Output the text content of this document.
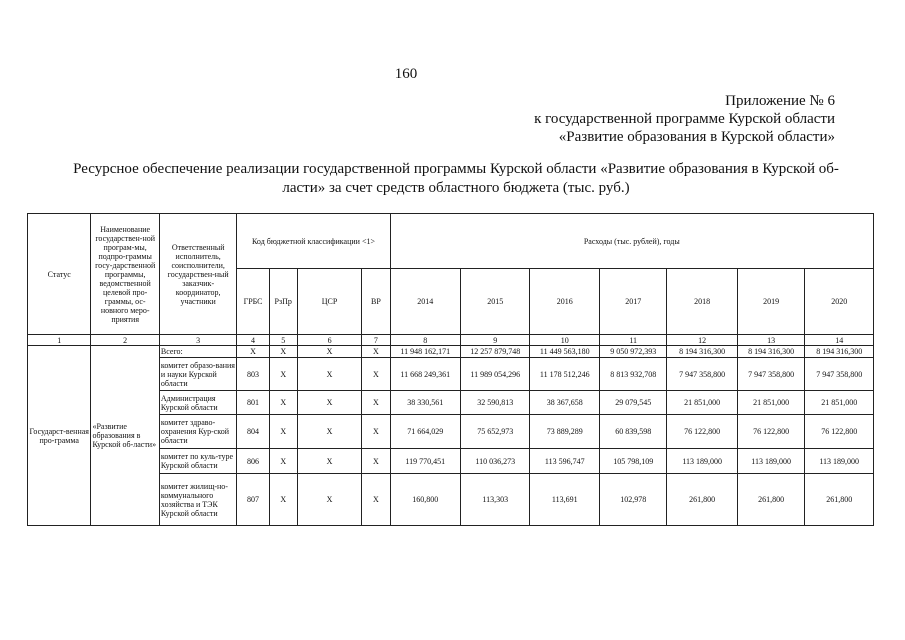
160
Приложение № 6
к государственной программе Курской области
«Развитие образования в Курской области»
Ресурсное обеспечение реализации государственной программы Курской области «Развитие образования в Курской об-
ласти» за счет средств областного бюджета (тыс. руб.)
Статус	Наименование государствен-ной програм-мы, подпро-граммы госу-дарственной программы, ведомственной целевой про-граммы, ос-новного меро-приятия	Ответственный исполнитель, соисполнители, государствен-ный заказчик-координатор, участники	Код бюджетной классификации <1>				Расходы (тыс. рублей), годы						
			ГРБС	РзПр	ЦСР	ВР	2014	2015	2016	2017	2018	2019	2020
1	2	3	4	5	6	7	8	9	10	11	12	13	14
Государст-венная про-грамма	«Развитие образования в Курской об-ласти»	Всего:	X	X	X	X	11 948 162,171	12 257 879,748	11 449 563,180	9 050 972,393	8 194 316,300	8 194 316,300	8 194 316,300
		комитет образо-вания и науки Курской области	803	X	X	X	11 668 249,361	11 989 054,296	11 178 512,246	8 813 932,708	7 947 358,800	7 947 358,800	7 947 358,800
		Администрация Курской области	801	X	X	X	38 330,561	32 590,813	38 367,658	29 079,545	21 851,000	21 851,000	21 851,000
		комитет здраво-охранения Кур-ской области	804	X	X	X	71 664,029	75 652,973	73 889,289	60 839,598	76 122,800	76 122,800	76 122,800
		комитет по куль-туре Курской области	806	X	X	X	119 770,451	110 036,273	113 596,747	105 798,109	113 189,000	113 189,000	113 189,000
		комитет жилищ-но-коммунального хозяйства и ТЭК Курской области	807	X	X	X	160,800	113,303	113,691	102,978	261,800	261,800	261,800
